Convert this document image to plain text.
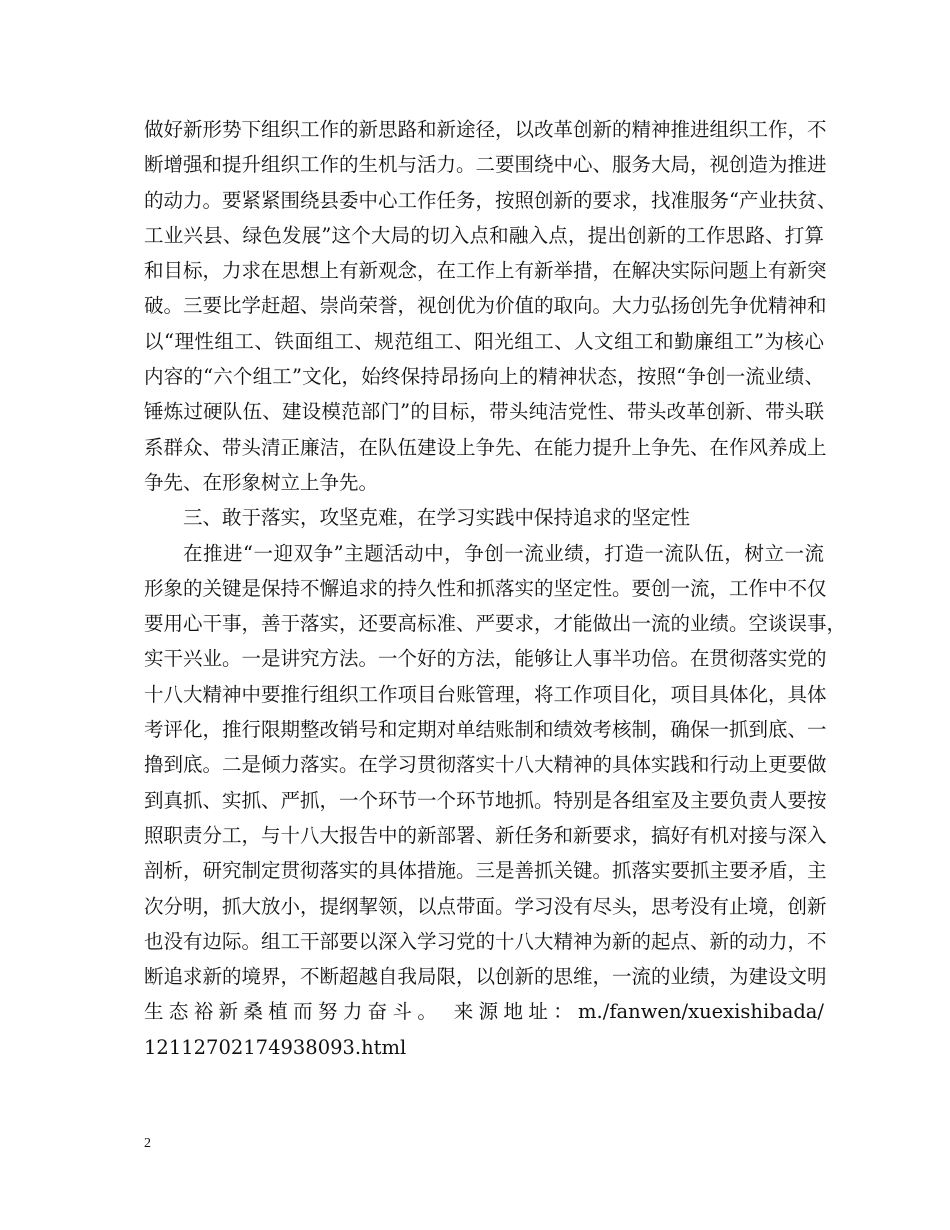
做好新形势下组织工作的新思路和新途径，以改革创新的精神推进组织工作，不
断增强和提升组织工作的生机与活力。二要围绕中心、服务大局，视创造为推进
的动力。要紧紧围绕县委中心工作任务，按照创新的要求，找准服务“产业扶贫、
工业兴县、绿色发展”这个大局的切入点和融入点，提出创新的工作思路、打算
和目标，力求在思想上有新观念，在工作上有新举措，在解决实际问题上有新突
破。三要比学赶超、崇尚荣誉，视创优为价值的取向。大力弘扬创先争优精神和
以“理性组工、铁面组工、规范组工、阳光组工、人文组工和勤廉组工”为核心
内容的“六个组工”文化，始终保持昂扬向上的精神状态，按照“争创一流业绩、
锤炼过硬队伍、建设模范部门”的目标，带头纯洁党性、带头改革创新、带头联
系群众、带头清正廉洁，在队伍建设上争先、在能力提升上争先、在作风养成上
争先、在形象树立上争先。
三、敢于落实，攻坚克难，在学习实践中保持追求的坚定性
在推进“一迎双争”主题活动中，争创一流业绩，打造一流队伍，树立一流
形象的关键是保持不懈追求的持久性和抓落实的坚定性。要创一流，工作中不仅
要用心干事，善于落实，还要高标准、严要求，才能做出一流的业绩。空谈误事，
实干兴业。一是讲究方法。一个好的方法，能够让人事半功倍。在贯彻落实党的
十八大精神中要推行组织工作项目台账管理，将工作项目化，项目具体化，具体
考评化，推行限期整改销号和定期对单结账制和绩效考核制，确保一抓到底、一
撸到底。二是倾力落实。在学习贯彻落实十八大精神的具体实践和行动上更要做
到真抓、实抓、严抓，一个环节一个环节地抓。特别是各组室及主要负责人要按
照职责分工，与十八大报告中的新部署、新任务和新要求，搞好有机对接与深入
剖析，研究制定贯彻落实的具体措施。三是善抓关键。抓落实要抓主要矛盾，主
次分明，抓大放小，提纲挈领，以点带面。学习没有尽头，思考没有止境，创新
也没有边际。组工干部要以深入学习党的十八大精神为新的起点、新的动力，不
断追求新的境界，不断超越自我局限，以创新的思维，一流的业绩，为建设文明
生态裕新桑植而努力奋斗。 来源地址：m./fanwen/xuexishibada/
12112702174938093.html
2
